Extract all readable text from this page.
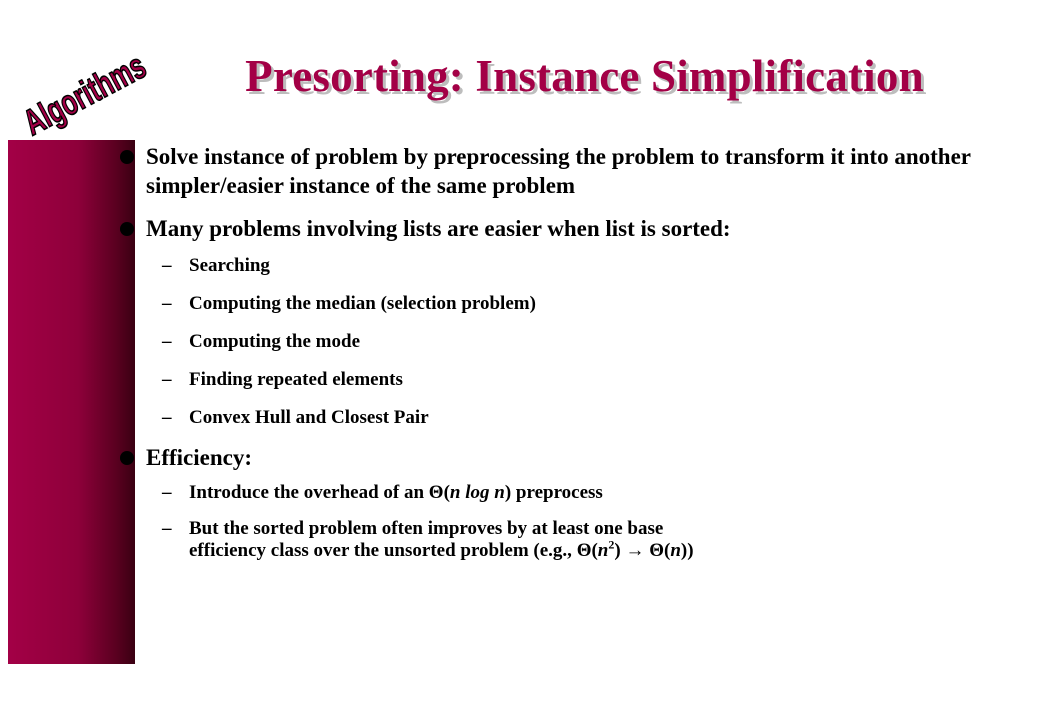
Algorithms Presorting: Instance Simplification
Solve instance of problem by preprocessing the problem to transform it into another simpler/easier instance of the same problem
Many problems involving lists are easier when list is sorted:
– Searching
– Computing the median (selection problem)
– Computing the mode
– Finding repeated elements
– Convex Hull and Closest Pair
Efficiency:
– Introduce the overhead of an Θ(n log n) preprocess
– But the sorted problem often improves by at least one base
efficiency class over the unsorted problem (e.g., $\Theta(n^2) \to \Theta(n)$)
